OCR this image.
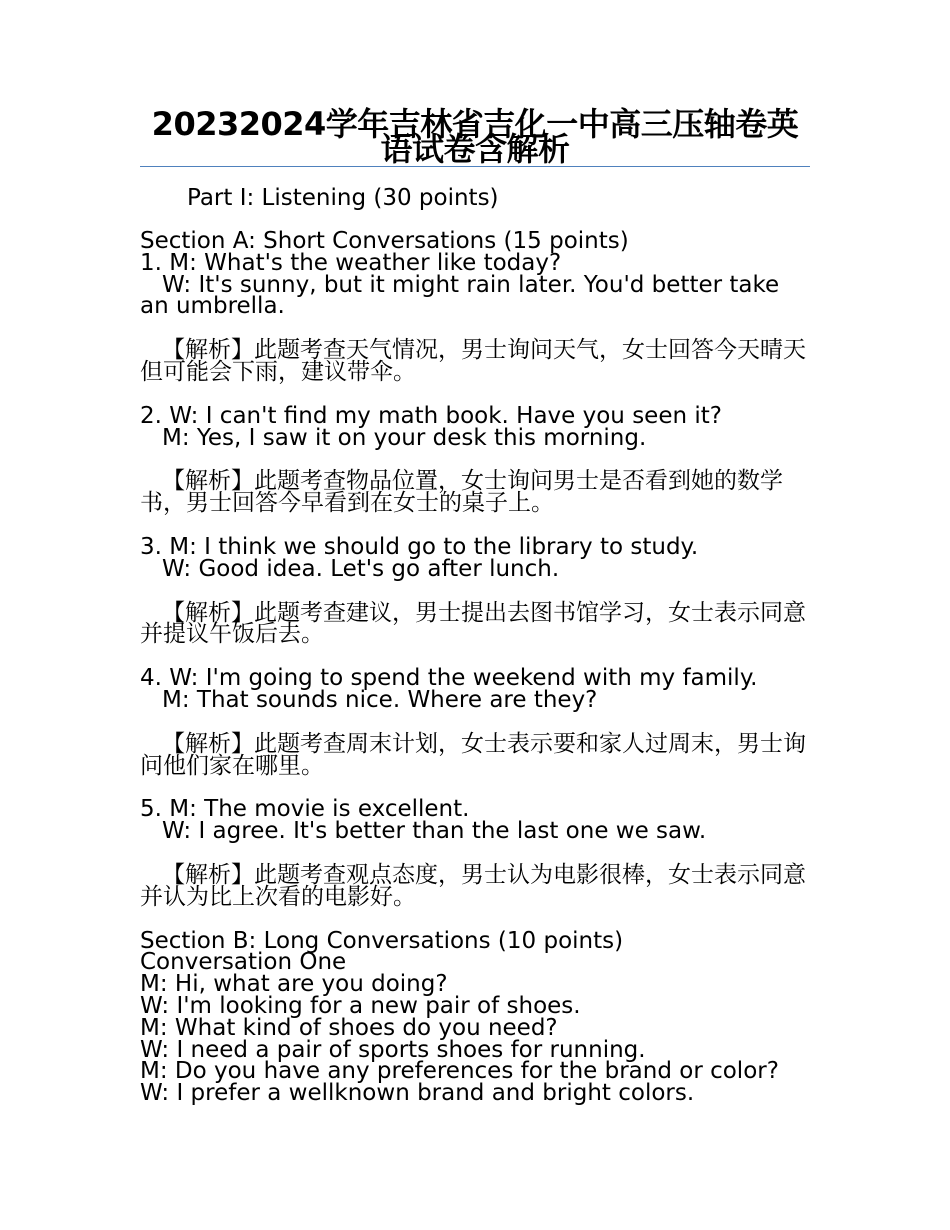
20232024学年吉林省吉化一中高三压轴卷英语试卷含解析
Part I: Listening (30 points)
Section A: Short Conversations (15 points)
1. M: What's the weather like today?
W: It's sunny, but it might rain later. You'd better take an umbrella.
【解析】此题考查天气情况，男士询问天气，女士回答今天晴天但可能会下雨，建议带伞。
2. W: I can't find my math book. Have you seen it?
M: Yes, I saw it on your desk this morning.
【解析】此题考查物品位置，女士询问男士是否看到她的数学书，男士回答今早看到在女士的桌子上。
3. M: I think we should go to the library to study.
W: Good idea. Let's go after lunch.
【解析】此题考查建议，男士提出去图书馆学习，女士表示同意并提议午饭后去。
4. W: I'm going to spend the weekend with my family.
M: That sounds nice. Where are they?
【解析】此题考查周末计划，女士表示要和家人过周末，男士询问他们家在哪里。
5. M: The movie is excellent.
W: I agree. It's better than the last one we saw.
【解析】此题考查观点态度，男士认为电影很棒，女士表示同意并认为比上次看的电影好。
Section B: Long Conversations (10 points)
Conversation One
M: Hi, what are you doing?
W: I'm looking for a new pair of shoes.
M: What kind of shoes do you need?
W: I need a pair of sports shoes for running.
M: Do you have any preferences for the brand or color?
W: I prefer a wellknown brand and bright colors.
